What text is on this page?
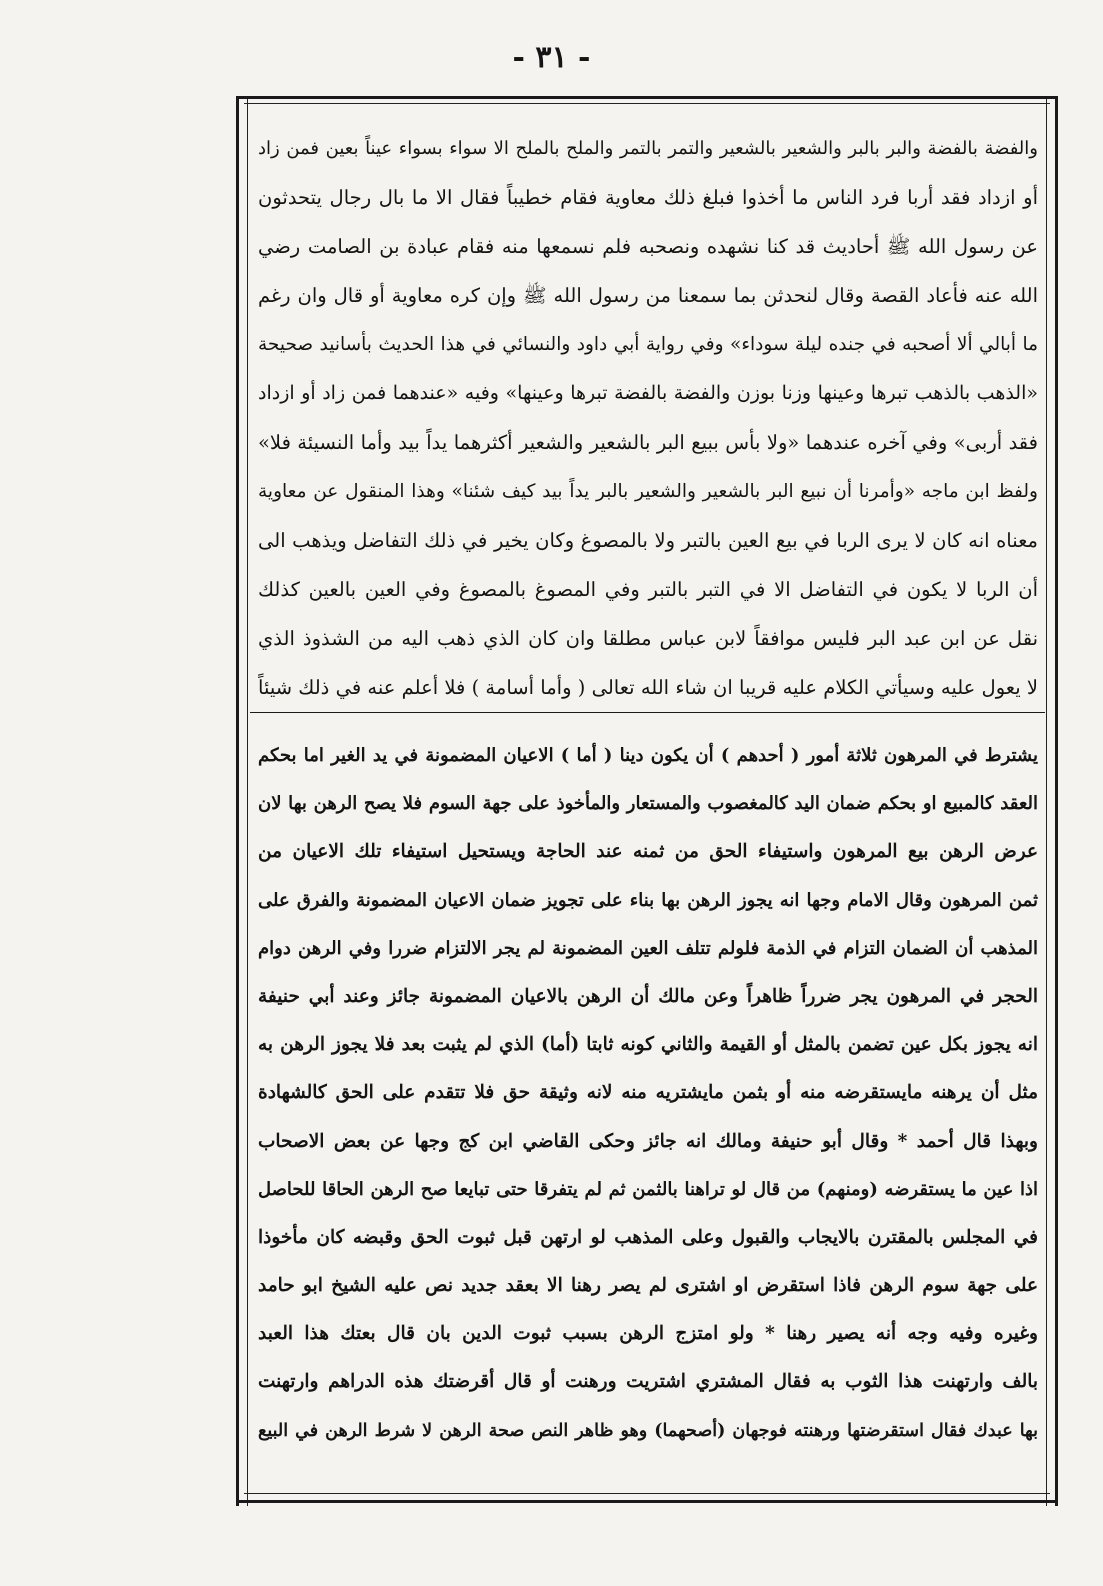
- ٣١ -
والفضة بالفضة والبر بالبر والشعير بالشعير والتمر بالتمر والملح بالملح الا سواء بسواء عيناً بعين فمن زاد
أو ازداد فقد أربا فرد الناس ما أخذوا فبلغ ذلك معاوية فقام خطيباً فقال الا ما بال رجال يتحدثون
عن رسول الله ﷺ أحاديث قد كنا نشهده ونصحبه فلم نسمعها منه فقام عبادة بن الصامت رضي
الله عنه فأعاد القصة وقال لنحدثن بما سمعنا من رسول الله ﷺ وإن كره معاوية أو قال وان رغم
ما أبالي ألا أصحبه في جنده ليلة سوداء» وفي رواية أبي داود والنسائي في هذا الحديث بأسانيد صحيحة
«الذهب بالذهب تبرها وعينها وزنا بوزن والفضة بالفضة تبرها وعينها» وفيه «عندهما فمن زاد أو ازداد
فقد أربى» وفي آخره عندهما «ولا بأس ببيع البر بالشعير والشعير أكثرهما يداً بيد وأما النسيئة فلا»
ولفظ ابن ماجه «وأمرنا أن نبيع البر بالشعير والشعير بالبر يداً بيد كيف شئنا» وهذا المنقول عن معاوية
معناه انه كان لا يرى الربا في بيع العين بالتبر ولا بالمصوغ وكان يخير في ذلك التفاضل ويذهب الى
أن الربا لا يكون في التفاضل الا في التبر بالتبر وفي المصوغ بالمصوغ وفي العين بالعين كذلك
نقل عن ابن عبد البر فليس موافقاً لابن عباس مطلقا وان كان الذي ذهب اليه من الشذوذ الذي
لا يعول عليه وسيأتي الكلام عليه قريبا ان شاء الله تعالى ( وأما أسامة ) فلا أعلم عنه في ذلك شيئاً
يشترط في المرهون ثلاثة أمور ( أحدهم ) أن يكون دينا ( أما ) الاعيان المضمونة في يد الغير اما بحكم
العقد كالمبيع او بحكم ضمان اليد كالمغصوب والمستعار والمأخوذ على جهة السوم فلا يصح الرهن بها لان
عرض الرهن بيع المرهون واستيفاء الحق من ثمنه عند الحاجة ويستحيل استيفاء تلك الاعيان من
ثمن المرهون وقال الامام وجها انه يجوز الرهن بها بناء على تجويز ضمان الاعيان المضمونة والفرق على
المذهب أن الضمان التزام في الذمة فلولم تتلف العين المضمونة لم يجر الالتزام ضررا وفي الرهن دوام
الحجر في المرهون يجر ضرراً ظاهراً وعن مالك أن الرهن بالاعيان المضمونة جائز وعند أبي حنيفة
انه يجوز بكل عين تضمن بالمثل أو القيمة والثاني كونه ثابتا (أما) الذي لم يثبت بعد فلا يجوز الرهن به
مثل أن يرهنه مايستقرضه منه أو بثمن مايشتريه منه لانه وثيقة حق فلا تتقدم على الحق كالشهادة
وبهذا قال أحمد * وقال أبو حنيفة ومالك انه جائز وحكى القاضي ابن كج وجها عن بعض الاصحاب
اذا عين ما يستقرضه (ومنهم) من قال لو تراهنا بالثمن ثم لم يتفرقا حتى تبايعا صح الرهن الحاقا للحاصل
في المجلس بالمقترن بالايجاب والقبول وعلى المذهب لو ارتهن قبل ثبوت الحق وقبضه كان مأخوذا
على جهة سوم الرهن فاذا استقرض او اشترى لم يصر رهنا الا بعقد جديد نص عليه الشيخ ابو حامد
وغيره وفيه وجه أنه يصير رهنا * ولو امتزج الرهن بسبب ثبوت الدين بان قال بعتك هذا العبد
بالف وارتهنت هذا الثوب به فقال المشتري اشتريت ورهنت أو قال أقرضتك هذه الدراهم وارتهنت
بها عبدك فقال استقرضتها ورهنته فوجهان (أصحهما) وهو ظاهر النص صحة الرهن لا شرط الرهن في البيع
